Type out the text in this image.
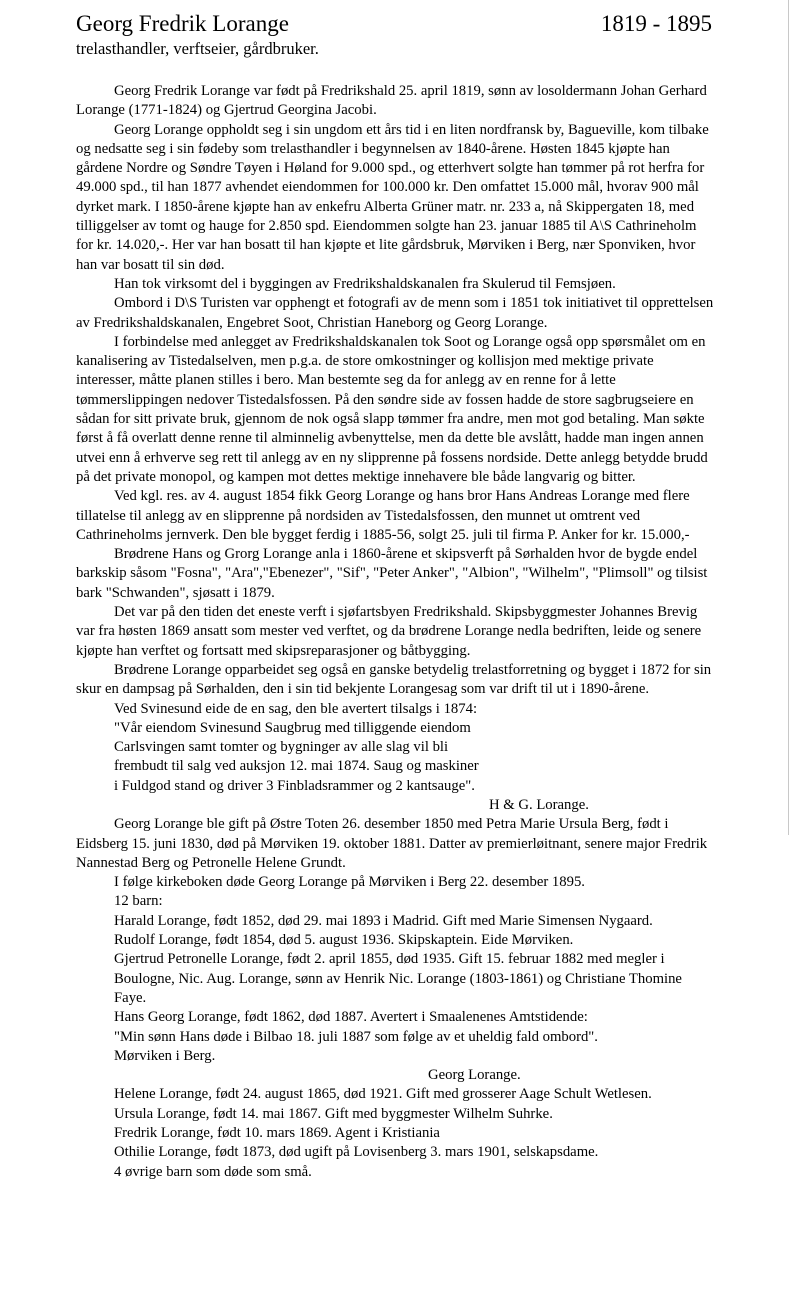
Georg Fredrik Lorange	1819 - 1895
trelasthandler, verftseier, gårdbruker.

Georg Fredrik Lorange var født på Fredrikshald 25. april 1819, sønn av losoldermann Johan Gerhard Lorange (1771-1824) og Gjertrud Georgina Jacobi.

Georg Lorange oppholdt seg i sin ungdom ett års tid i en liten nordfransk by, Bagueville, kom tilbake og nedsatte seg i sin fødeby som trelasthandler i begynnelsen av 1840-årene. Høsten 1845 kjøpte han gårdene Nordre og Søndre Tøyen i Høland for 9.000 spd., og etterhvert solgte han tømmer på rot herfra for 49.000 spd., til han 1877 avhendet eiendommen for 100.000 kr. Den omfattet 15.000 mål, hvorav 900 mål dyrket mark. I 1850-årene kjøpte han av enkefru Alberta Grüner matr. nr. 233 a, nå Skippergaten 18, med tilliggelser av tomt og hauge for 2.850 spd. Eiendommen solgte han 23. januar 1885 til A\S Cathrineholm for kr. 14.020,-. Her var han bosatt til han kjøpte et lite gårdsbruk, Mørviken i Berg, nær Sponviken, hvor han var bosatt til sin død.

Han tok virksomt del i byggingen av Fredrikshaldskanalen fra Skulerud til Femsjøen.

Ombord i D\S Turisten var opphengt et fotografi av de menn som i 1851 tok initiativet til opprettelsen av Fredrikshaldskanalen, Engebret Soot, Christian Haneborg og Georg Lorange.

I forbindelse med anlegget av Fredrikshaldskanalen tok Soot og Lorange også opp spørsmålet om en kanalisering av Tistedalselven, men p.g.a. de store omkostninger og kollisjon med mektige private interesser, måtte planen stilles i bero. Man bestemte seg da for anlegg av en renne for å lette tømmerslippingen nedover Tistedalsfossen. På den søndre side av fossen hadde de store sagbrugseiere en sådan for sitt private bruk, gjennom de nok også slapp tømmer fra andre, men mot god betaling. Man søkte først å få overlatt denne renne til alminnelig avbenyttelse, men da dette ble avslått, hadde man ingen annen utvei enn å erhverve seg rett til anlegg av en ny slipprenne på fossens nordside. Dette anlegg betydde brudd på det private monopol, og kampen mot dettes mektige innehavere ble både langvarig og bitter.

Ved kgl. res. av 4. august 1854 fikk Georg Lorange og hans bror Hans Andreas Lorange med flere tillatelse til anlegg av en slipprenne på nordsiden av Tistedalsfossen, den munnet ut omtrent ved Cathrineholms jernverk. Den ble bygget ferdig i 1885-56, solgt 25. juli til firma P. Anker for kr. 15.000,-

Brødrene Hans og Grorg Lorange anla i 1860-årene et skipsverft på Sørhalden hvor de bygde endel barkskip såsom "Fosna", "Ara","Ebenezer", "Sif", "Peter Anker", "Albion", "Wilhelm", "Plimsoll" og tilsist bark "Schwanden", sjøsatt i 1879.

Det var på den tiden det eneste verft i sjøfartsbyen Fredrikshald. Skipsbyggmester Johannes Brevig var fra høsten 1869 ansatt som mester ved verftet, og da brødrene Lorange nedla bedriften, leide og senere kjøpte han verftet og fortsatt med skipsreparasjoner og båtbygging.

Brødrene Lorange opparbeidet seg også en ganske betydelig trelastforretning og bygget i 1872 for sin skur en dampsag på Sørhalden, den i sin tid bekjente Lorangesag som var drift til ut i 1890-årene.

Ved Svinesund eide de en sag, den ble avertert tilsalgs i 1874:

"Vår eiendom Svinesund Saugbrug med tilliggende eiendom

Carlsvingen samt tomter og bygninger av alle slag vil bli

frembudt til salg ved auksjon 12. mai 1874. Saug og maskiner

i Fuldgod stand og driver 3 Finbladsrammer og 2 kantsauge".

H & G. Lorange.

Georg Lorange ble gift på Østre Toten 26. desember 1850 med Petra Marie Ursula Berg, født i Eidsberg 15. juni 1830, død på Mørviken 19. oktober 1881. Datter av premierløitnant, senere major Fredrik Nannestad Berg og Petronelle Helene Grundt.

I følge kirkeboken døde Georg Lorange på Mørviken i Berg 22. desember 1895.

12 barn:

Harald Lorange, født 1852, død 29. mai 1893 i Madrid. Gift med Marie Simensen Nygaard.

Rudolf Lorange, født 1854, død 5. august 1936. Skipskaptein. Eide Mørviken.

Gjertrud Petronelle Lorange, født 2. april 1855, død 1935. Gift 15. februar 1882 med megler i Boulogne, Nic. Aug. Lorange, sønn av Henrik Nic. Lorange (1803-1861) og Christiane Thomine Faye.

Hans Georg Lorange, født 1862, død 1887. Avertert i Smaalenenes Amtstidende:

"Min sønn Hans døde i Bilbao 18. juli 1887 som følge av et uheldig fald ombord".

Mørviken i Berg.

Georg Lorange.

Helene Lorange, født 24. august 1865, død 1921. Gift med grosserer Aage Schult Wetlesen.

Ursula Lorange, født 14. mai 1867. Gift med byggmester Wilhelm Suhrke.

Fredrik Lorange, født 10. mars 1869. Agent i Kristiania

Othilie Lorange, født 1873, død ugift på Lovisenberg 3. mars 1901, selskapsdame.

4 øvrige barn som døde som små.
